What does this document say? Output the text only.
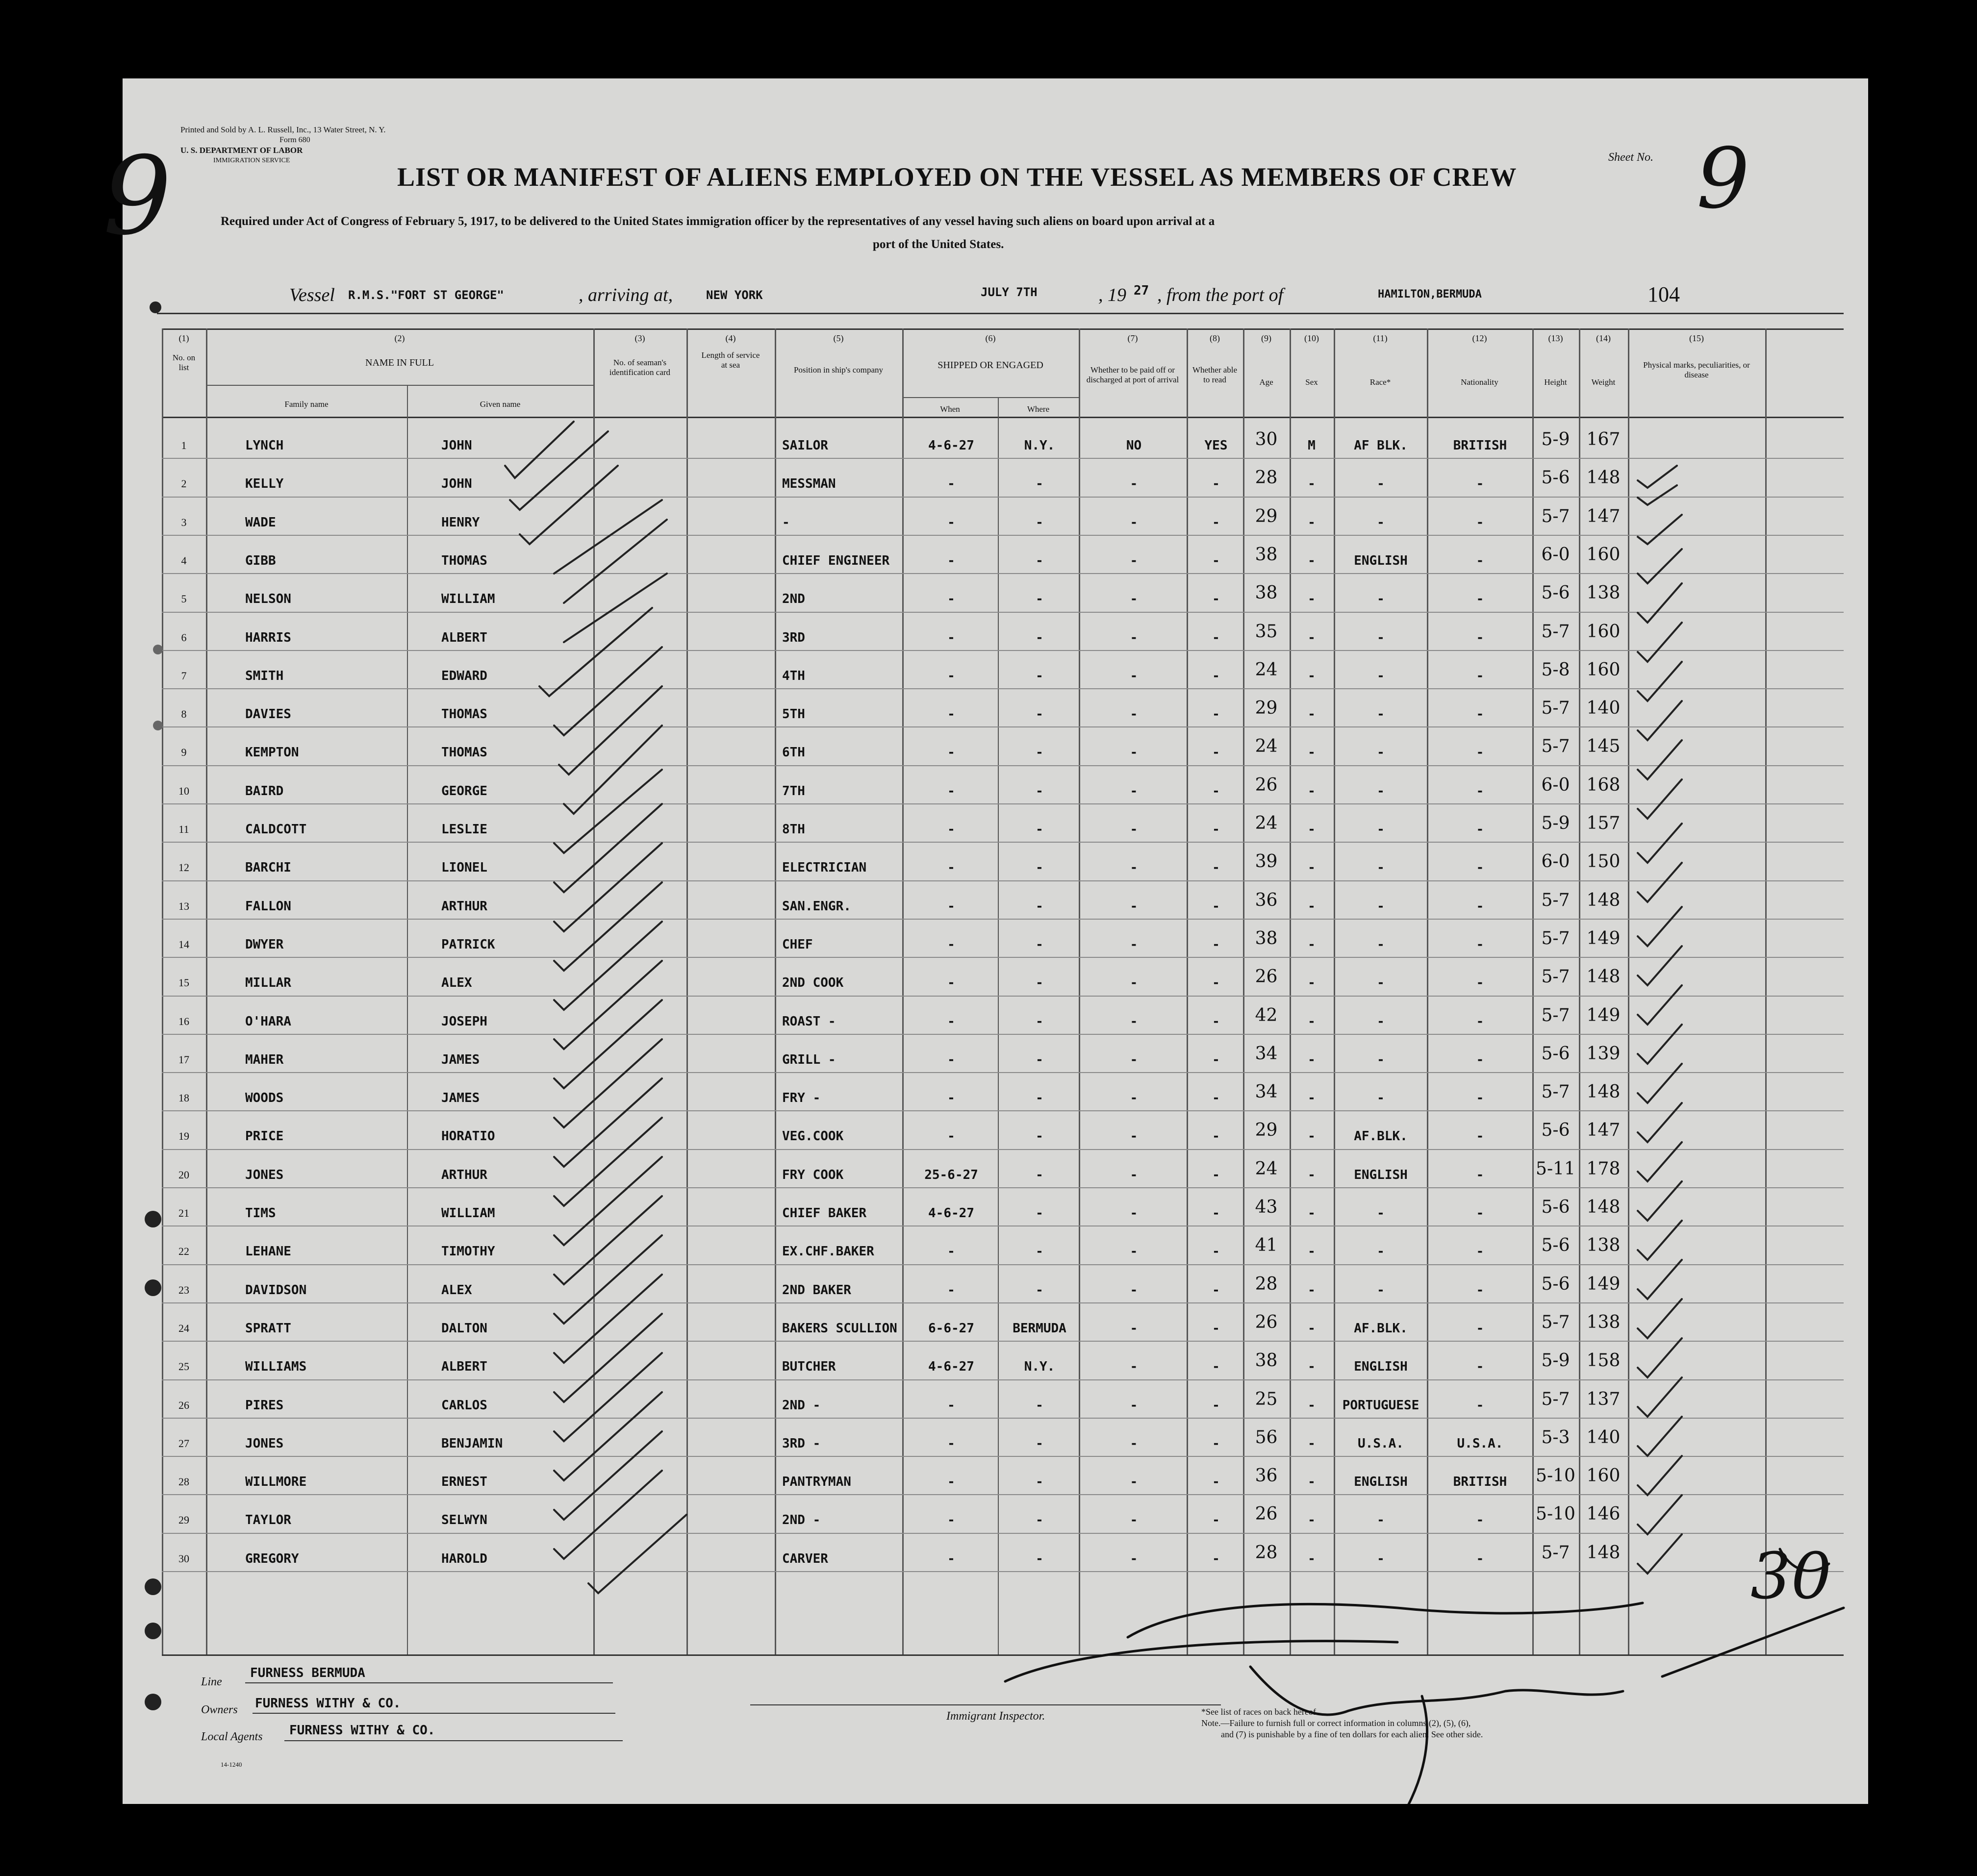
Printed and Sold by A. L. Russell, Inc., 13 Water Street, N. Y.
Form 680
U. S. DEPARTMENT OF LABOR
IMMIGRATION SERVICE	Sheet No. 9
9	LIST OR MANIFEST OF ALIENS EMPLOYED ON THE VESSEL AS MEMBERS OF CREW
Required under Act of Congress of February 5, 1917, to be delivered to the United States immigration officer by the representatives of any vessel having such aliens on board upon arrival at a
port of the United States.
Vessel R.M.S."FORT ST GEORGE"	, arriving at,	NEW YORK	JULY 7TH	, 19 27 , from the port of	HAMILTON,BERMUDA	104
(1)	(2)	(3)	(4)	(5)	(6)	(7)	(8)	(9)	(10)	(11)	(12)	(13)	(14)	(15)
No. on list	NAME IN FULL
Family name	Given name
No. of seaman's identification card
Length of service at sea
Position in ship's company	SHIPPED OR ENGAGED
When	Where
Whether to be paid off or discharged at port of arrival
Whether able to read	Age	Sex	Race*	Nationality	Height	Weight
Physical marks, peculiarities, or disease
1	LYNCH	JOHN	SAILOR	4-6-27	N.Y.	NO	YES	30	M	AF BLK.	BRITISH	5-9 167
2	KELLY	JOHN	MESSMAN	-	-	-	-	28	-	-	-	5-6 148
3	WADE	HENRY	-	-	-	-	-	29	-	-	-	5-7 147
4	GIBB	THOMAS	CHIEF ENGINEER	-	-	-	-	38	-	ENGLISH	-	6-0 160
5	NELSON	WILLIAM	2ND	-	-	-	-	38	-	-	-	5-6 138
6	HARRIS	ALBERT	3RD	-	-	-	-	35	-	-	-	5-7 160
7	SMITH	EDWARD	4TH	-	-	-	-	24	-	-	-	5-8 160
8	DAVIES	THOMAS	5TH	-	-	-	-	29	-	-	-	5-7 140
9	KEMPTON	THOMAS	6TH	-	-	-	-	24	-	-	-	5-7 145
10	BAIRD	GEORGE	7TH	-	-	-	-	26	-	-	-	6-0 168
11	CALDCOTT	LESLIE	8TH	-	-	-	-	24	-	-	-	5-9 157
12	BARCHI	LIONEL	ELECTRICIAN	-	-	-	-	39	-	-	-	6-0 150
13	FALLON	ARTHUR	SAN.ENGR.	-	-	-	-	36	-	-	-	5-7 148
14	DWYER	PATRICK	CHEF	-	-	-	-	38	-	-	-	5-7 149
15	MILLAR	ALEX	2ND COOK	-	-	-	-	26	-	-	-	5-7 148
16	O'HARA	JOSEPH	ROAST -	-	-	-	-	42	-	-	-	5-7 149
17	MAHER	JAMES	GRILL -	-	-	-	-	34	-	-	-	5-6 139
18	WOODS	JAMES	FRY -	-	-	-	-	34	-	-	-	5-7 148
19	PRICE	HORATIO	VEG.COOK	-	-	-	-	29	-	AF.BLK.	-	5-6 147
20	JONES	ARTHUR	FRY COOK	25-6-27	-	-	-	24	-	ENGLISH	-	5-11 178
21	TIMS	WILLIAM	CHIEF BAKER	4-6-27	-	-	-	43	-	-	-	5-6 148
22	LEHANE	TIMOTHY	EX.CHF.BAKER	-	-	-	-	41	-	-	-	5-6 138
23	DAVIDSON	ALEX	2ND BAKER	-	-	-	-	28	-	-	-	5-6 149
24	SPRATT	DALTON	BAKERS SCULLION	6-6-27	BERMUDA	-	-	26	-	AF.BLK.	-	5-7 138
25	WILLIAMS	ALBERT	BUTCHER	4-6-27	N.Y.	-	-	38	-	ENGLISH	-	5-9 158
26	PIRES	CARLOS	2ND -	-	-	-	-	25	-	PORTUGUESE	-	5-7 137
27	JONES	BENJAMIN	3RD -	-	-	-	-	56	-	U.S.A.	U.S.A.	5-3 140
28	WILLMORE	ERNEST	PANTRYMAN	-	-	-	-	36	-	ENGLISH	BRITISH	5-10 160
29	TAYLOR	SELWYN	2ND -	-	-	-	-	26	-	-	-	5-10 146
30	GREGORY	HAROLD	CARVER	-	-	-	-	28	-	-	-	5-7 148 30
Line
FURNESS BERMUDA
Owners FURNESS WITHY & CO.
Local Agents FURNESS WITHY & CO.
14-1240
Immigrant Inspector.	*See list of races on back hereof.
Note.—Failure to furnish full or correct information in columns (2), (5), (6),
and (7) is punishable by a fine of ten dollars for each alien. See other side.
